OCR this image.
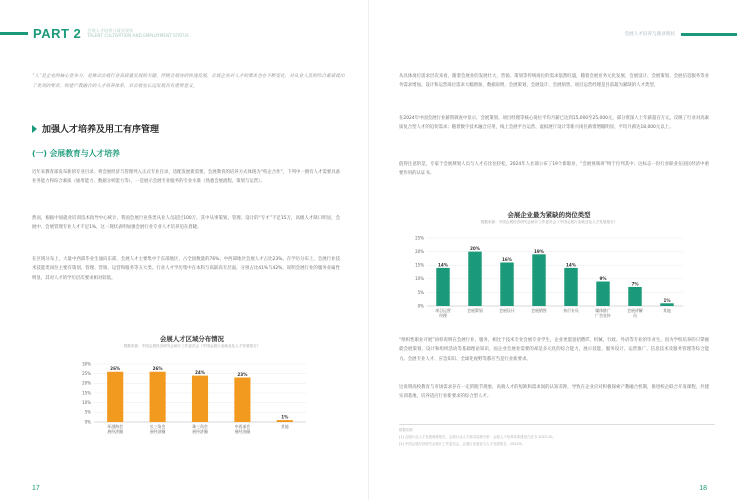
PART 2 会展人才培养与就业现状
TALENT CULTIVATION AND EMPLOYMENT STATUS
“人”是企业的核心竞争力，是推动会展行业高质量发展的关键。伴随会展业的快速发展，会展企业对人才的需求也在不断变化，对从业人员的综合素质提出了更高的要求。构建产教融合的人才培养体系，对会展业长远发展具有重要意义。
加强人才培养及用工有序管理
(一) 会展教育与人才培养
近年来教育部发布新的专业目录，将会展经济与管理列入正式专业目录，适配发展新需要。会展教育的培养方式体现为“校企合作”，下列中一拥有人才需要具备业务能力和综合素质（通用能力、数据分析能力等），一是展示会展专业服务的专业水准（熟悉会展流程、策划与运营）。
然而，根据中国就业培训技术指导中心统计，我国会展行业各类从业人员超过100万，其中从事策划、管理、设计的“专才”不足15万，高级人才缺口明显，会展中、会展管理专业人才不足1%，这一现状表明加强会展行业专业人才培养迫在眉睫。
在区域分布上，大量中西部毕业生涌向东部，会展人才主要集中于东部地区，占全国数量的76%；中西部地区会展人才占比23%。在学历分布上，会展行业技术技能类岗位主要有策划、管理、营销、运营和服务等五大类。行业人才学历集中在本科与高职高专层面，分别占比41%与42%，说明会展行业的服务业属性明显，其对人才的学历层次要求相对较低。
会展人才区域分布情况
数据来源：中国会展经济研究会统计工作委员会《中国会展行业就业及人才发展报告》
0%
5%
10%
15%
20%
25%
30%
26%
环渤海会展经济圈
26%
长三角会展经济圈
24%
珠三角会展经济圈
23%
中西部会展经济圈
1%
其他
17
会展人才培养与就业现状
从具体岗位需求层次来看，随着会展业的发展壮大，营销、策划等传统岗位的需求依然旺盛，随着会展业务元化发展，会展设计、会展策划、会展信息服务等业务需求增加。设计和运营岗位需求大幅增加，数据说明，会展策划、会展设计、会展销售、项目运营经理是目前最为紧缺的人才类型。
在2024年中国会展行业薪资调查中显示，会展策划、项目经理等核心岗位平均月薪已达到15,000至25,000元，部分资深人士年薪超百万元。反映了行业对高素质复合型人才的迫切需求；随着数字技术融合应用，线上会展平台运营、虚拟展厅设计等新兴岗位薪资增幅明显，平均月薪达18,000元以上。
值得注意的是，专家于会展规划人员与人才在比往轻松，2024年人社部公布了19个新职业，“会展视频讲”终于位列其中；这标志一份行业职业在国民经济中重要作用的认证书。
会展企业最为紧缺的岗位类型
数据来源：中国会展经济研究会统计工作委员会《中国会展行业就业及人才发展报告》
0%
5%
10%
15%
20%
25%
14%
项目运营经理
20%
会展策划
16%
会展设计
19%
会展销售
14%
执行专员
9%
媒体推广广告宣传
7%
会展讲解员
1%
其他
“组织性职业开展”同样说明在会展行业，服务，相比于技术专业会展专业学生，企业更愿意招聘IT、机械、行政、外语等专业的毕业生。因为学校培养的只掌握就会展策划、设计和组织活动等基础理论知识，而企业会展业需要的却是多元化的综合能力，展示技能、服务设计、运营推广、信息技术及服务管理等综合能力。会展专业人才、应急知识、全球化视野等都应当是行业新要求。
这说明高校教育与市场需求存在一定的脱节现象，高端人才的短缺和需求间的认知差距，导致在企业应对积极探索产教融合机制，推进校企联合开发课程，共建实训基地，培养适应行业新要求的综合型人才。
数据来源：
[1] 会展行业人才发展调查报告，会展行业人才需求趋势分析；会展人才培养体系建设白皮书 2023-10。
[2] 中国会展经济研究会统计工作委员会，会展行业就业与人才发展报告，2024年。
18
